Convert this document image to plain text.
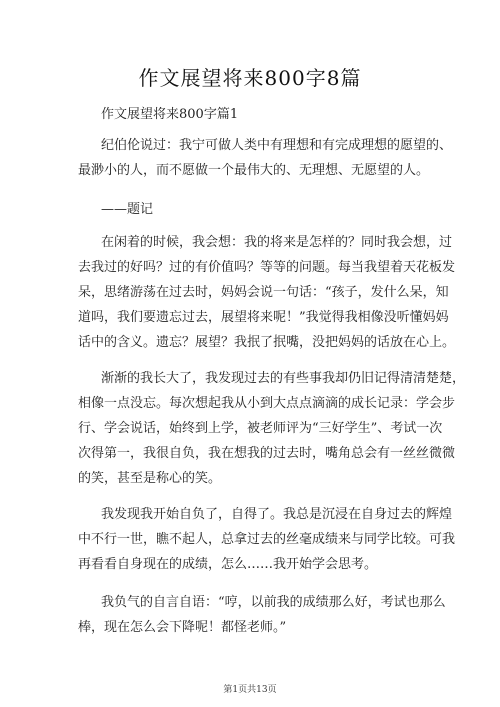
作文展望将来800字8篇
作文展望将来800字篇1
纪伯伦说过：我宁可做人类中有理想和有完成理想的愿望的、
最渺小的人，而不愿做一个最伟大的、无理想、无愿望的人。
——题记
在闲着的时候，我会想：我的将来是怎样的？同时我会想，过
去我过的好吗？过的有价值吗？等等的问题。每当我望着天花板发
呆，思绪游荡在过去时，妈妈会说一句话：“孩子，发什么呆，知
道吗，我们要遗忘过去，展望将来呢！”我觉得我相像没听懂妈妈
话中的含义。遗忘？展望？我抿了抿嘴，没把妈妈的话放在心上。
渐渐的我长大了，我发现过去的有些事我却仍旧记得清清楚楚，
相像一点没忘。每次想起我从小到大点点滴滴的成长记录：学会步
行、学会说话，始终到上学，被老师评为“三好学生”、考试一次
次得第一，我很自负，我在想我的过去时，嘴角总会有一丝丝微微
的笑，甚至是称心的笑。
我发现我开始自负了，自得了。我总是沉浸在自身过去的辉煌
中不行一世，瞧不起人，总拿过去的丝毫成绩来与同学比较。可我
再看看自身现在的成绩，怎么……我开始学会思考。
我负气的自言自语：“哼，以前我的成绩那么好，考试也那么
棒，现在怎么会下降呢！都怪老师。”
第1页共13页
